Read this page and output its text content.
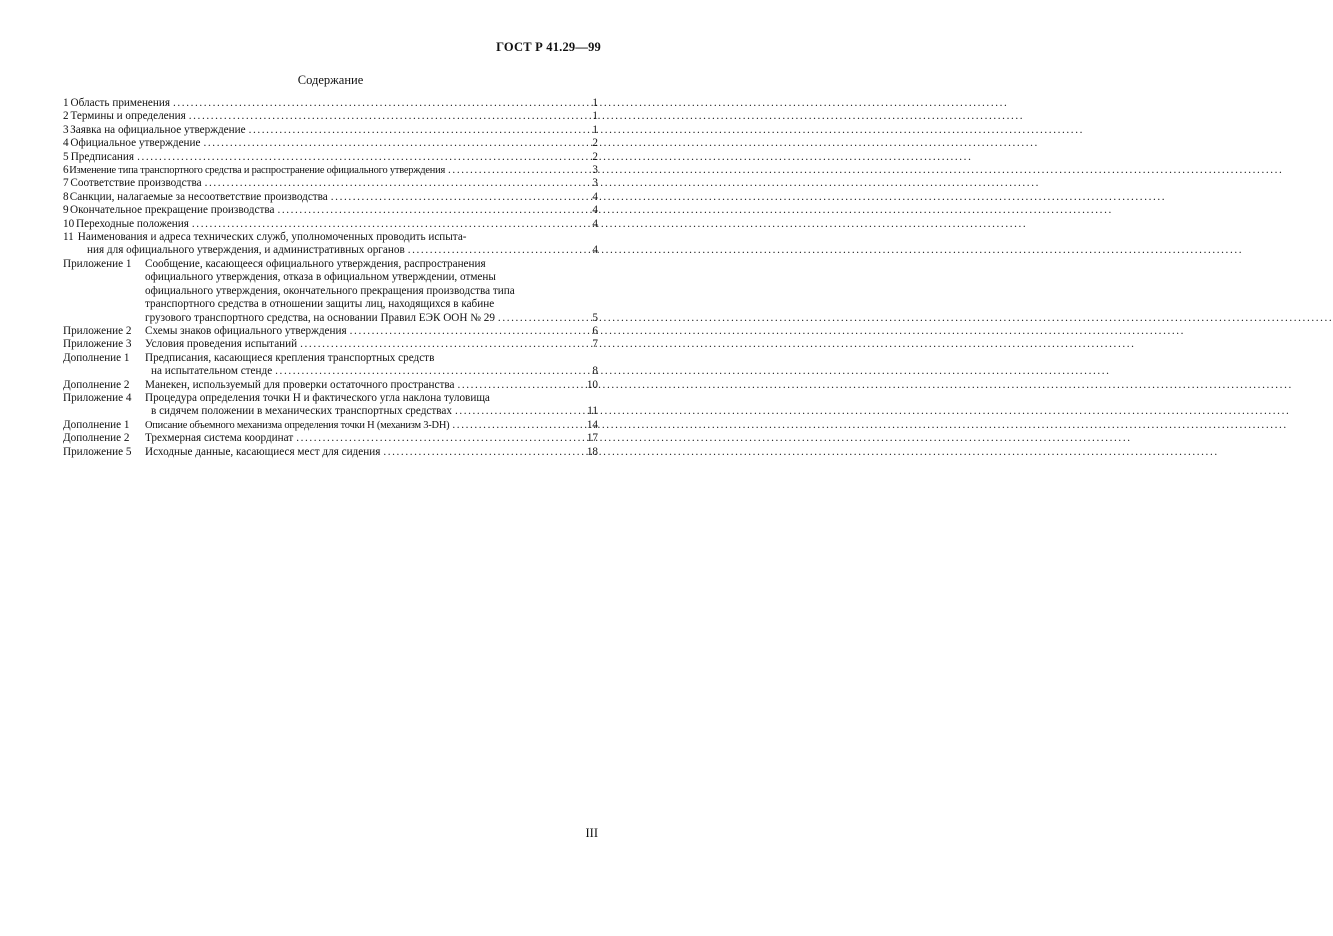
ГОСТ Р 41.29—99
Содержание
1 Область применения .....	1
2 Термины и определения .....	1
3 Заявка на официальное утверждение .....	1
4 Официальное утверждение .....	2
5 Предписания .....	2
6 Изменение типа транспортного средства и распространение официального утверждения .....	3
7 Соответствие производства .....	3
8 Санкции, налагаемые за несоответствие производства .....	4
9 Окончательное прекращение производства .....	4
10 Переходные положения .....	4
11 Наименования и адреса технических служб, уполномоченных проводить испыта-
ния для официального утверждения, и административных органов .....	4
Приложение 1	Сообщение, касающееся официального утверждения, распространения
официального утверждения, отказа в официальном утверждении, отмены
официального утверждения, окончательного прекращения производства типа
транспортного средства в отношении защиты лиц, находящихся в кабине
грузового транспортного средства, на основании Правил ЕЭК ООН № 29 .....	5
Приложение 2	Схемы знаков официального утверждения .....	6
Приложение 3	Условия проведения испытаний .....	7
Дополнение 1	Предписания, касающиеся крепления транспортных средств
на испытательном стенде .....	8
Дополнение 2	Манекен, используемый для проверки остаточного пространства .....	10
Приложение 4	Процедура определения точки H и фактического угла наклона туловища
в сидячем положении в механических транспортных средствах .....	11
Дополнение 1	Описание объемного механизма определения точки H (механизм 3-DH) .....	14
Дополнение 2	Трехмерная система координат .....	17
Приложение 5	Исходные данные, касающиеся мест для сидения .....	18
III
